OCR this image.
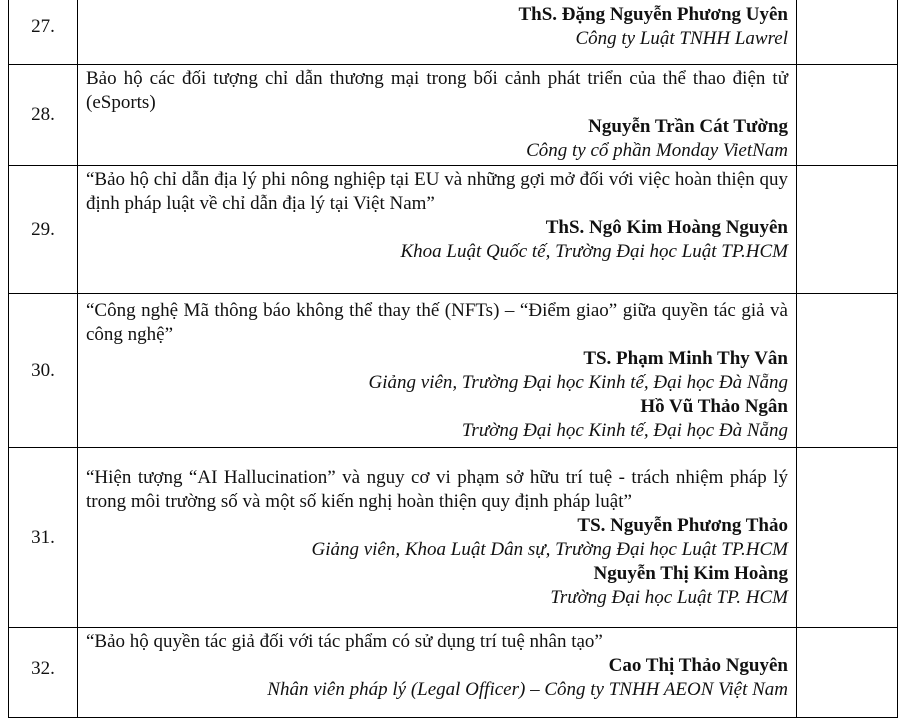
27.	ThS. Đặng Nguyễn Phương Uyên
Công ty Luật TNHH Lawrel	

28.	Bảo hộ các đối tượng chỉ dẫn thương mại trong bối cảnh phát triển của thể thao điện tử (eSports)
Nguyễn Trần Cát Tường
Công ty cổ phần Monday VietNam	

29.	“Bảo hộ chỉ dẫn địa lý phi nông nghiệp tại EU và những gợi mở đối với việc hoàn thiện quy định pháp luật về chỉ dẫn địa lý tại Việt Nam”
ThS. Ngô Kim Hoàng Nguyên
Khoa Luật Quốc tế, Trường Đại học Luật TP.HCM	

30.	“Công nghệ Mã thông báo không thể thay thế (NFTs) – “Điểm giao” giữa quyền tác giả và công nghệ”
TS. Phạm Minh Thy Vân
Giảng viên, Trường Đại học Kinh tế, Đại học Đà Nẵng
Hồ Vũ Thảo Ngân
Trường Đại học Kinh tế, Đại học Đà Nẵng	

31.	“Hiện tượng “AI Hallucination” và nguy cơ vi phạm sở hữu trí tuệ - trách nhiệm pháp lý trong môi trường số và một số kiến nghị hoàn thiện quy định pháp luật”
TS. Nguyễn Phương Thảo
Giảng viên, Khoa Luật Dân sự, Trường Đại học Luật TP.HCM
Nguyễn Thị Kim Hoàng
Trường Đại học Luật TP. HCM	

32.	“Bảo hộ quyền tác giả đối với tác phẩm có sử dụng trí tuệ nhân tạo”
Cao Thị Thảo Nguyên
Nhân viên pháp lý (Legal Officer) – Công ty TNHH AEON Việt Nam	
